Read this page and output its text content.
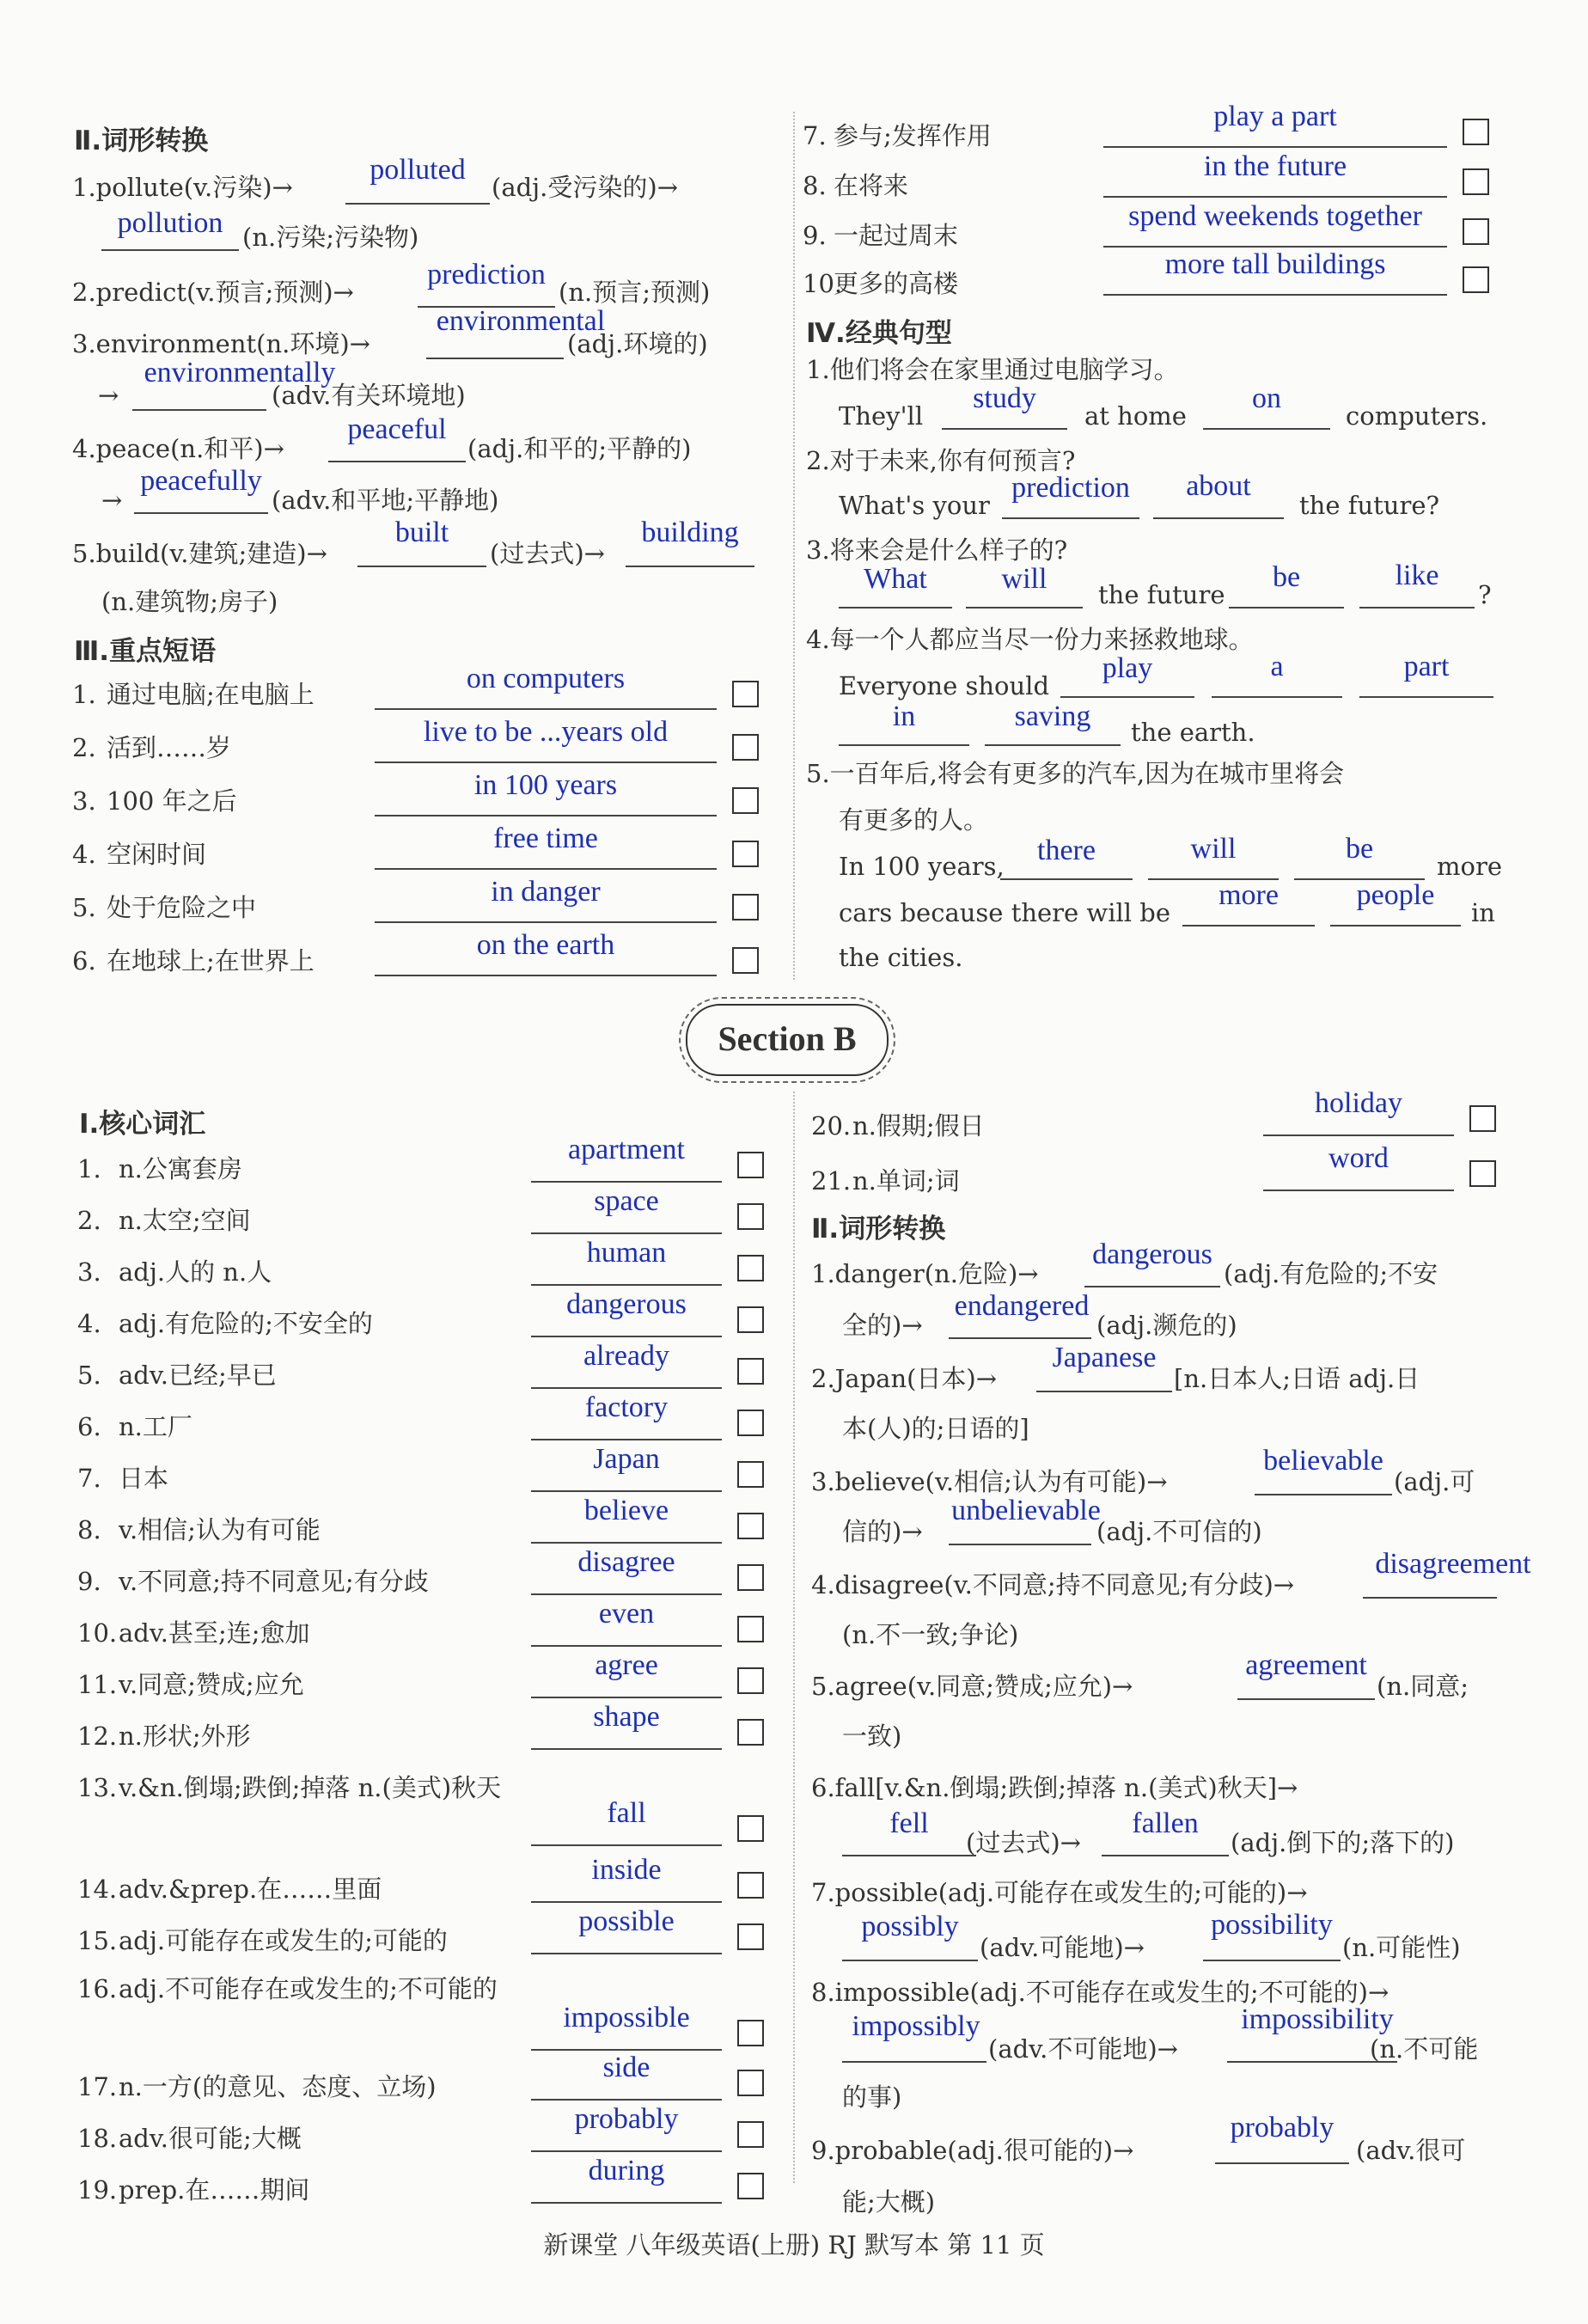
Ⅱ.词形转换
1.pollute(v.污染)→
polluted
(adj.受污染的)→
pollution (n.污染;污染物)
2.predict(v.预言;预测)→
prediction
(n.预言;预测)
3.environment(n.环境)→
environmental
(adj.环境的)
→
environmentally
(adv.有关环境地)
4.peace(n.和平)→
peaceful
(adj.和平的;平静的)
→
peacefully
(adv.和平地;平静地)
5.build(v.建筑;建造)→
built
(过去式)→
building
(n.建筑物;房子)
Ⅲ.重点短语
1. 通过电脑;在电脑上	on computers
2. 活到……岁	live to be ...years old
3. 100 年之后	in 100 years
4. 空闲时间	free time
5. 处于危险之中	in danger
6. 在地球上;在世界上	on the earth
7. 参与;发挥作用
play a part
8. 在将来
in the future
9. 一起过周末
spend weekends together
10.
更多的高楼
more tall buildings
Ⅳ.经典句型
1.他们将会在家里通过电脑学习。
They'll
study
at home
on
computers.
2.对于未来,你有何预言?
What's your
prediction	about
the future?
3.将来会是什么样子的?
What	will	the future
be	like
?
4.每一个人都应当尽一份力来拯救地球。
Everyone should
play	a	part
in	saving	the earth.
5.一百年后,将会有更多的汽车,因为在城市里将会
有更多的人。
In 100 years,	there	will	be
more
cars because there will be
more	people
in
the cities.
Section B
Ⅰ.核心词汇
1. n.公寓套房
apartment
2. n.太空;空间
space
3. adj.人的 n.人
human
4. adj.有危险的;不安全的
dangerous
5. adv.已经;早已
already
6. n.工厂
factory
7. 日本
Japan
8. v.相信;认为有可能
believe
9. v.不同意;持不同意见;有分歧
disagree
10. adv.甚至;连;愈加
even
11. v.同意;赞成;应允
agree
12. n.形状;外形
shape
13. v.&n.倒塌;跌倒;掉落 n.(美式)秋天
fall
14. adv.&prep.在……里面
inside
15. adj.可能存在或发生的;可能的
possible
16. adj.不可能存在或发生的;不可能的
impossible
17. n.一方(的意见、态度、立场)
side
18. adv.很可能;大概
probably
19. prep.在……期间
during
20. n.假期;假日
holiday
21. n.单词;词
word
Ⅱ.词形转换
1.danger(n.危险)→
dangerous
(adj.有危险的;不安
全的)→
endangered
(adj.濒危的)
2.Japan(日本)→
Japanese
[n.日本人;日语 adj.日
本(人)的;日语的]
3.believe(v.相信;认为有可能)→
believable
(adj.可
信的)→
unbelievable
(adj.不可信的)
4.disagree(v.不同意;持不同意见;有分歧)→
disagreement
(n.不一致;争论)
5.agree(v.同意;赞成;应允)→
agreement
(n.同意;
一致)
6.fall[v.&n.倒塌;跌倒;掉落 n.(美式)秋天]→
fell
(过去式)→
fallen
(adj.倒下的;落下的)
7.possible(adj.可能存在或发生的;可能的)→
possibly
(adv.可能地)→
possibility
(n.可能性)
8.impossible(adj.不可能存在或发生的;不可能的)→
impossibly
(adv.不可能地)→
impossibility
(n.不可能
的事)
9.probable(adj.很可能的)→
probably
(adv.很可
能;大概)
新课堂 八年级英语(上册) RJ 默写本 第 11 页
